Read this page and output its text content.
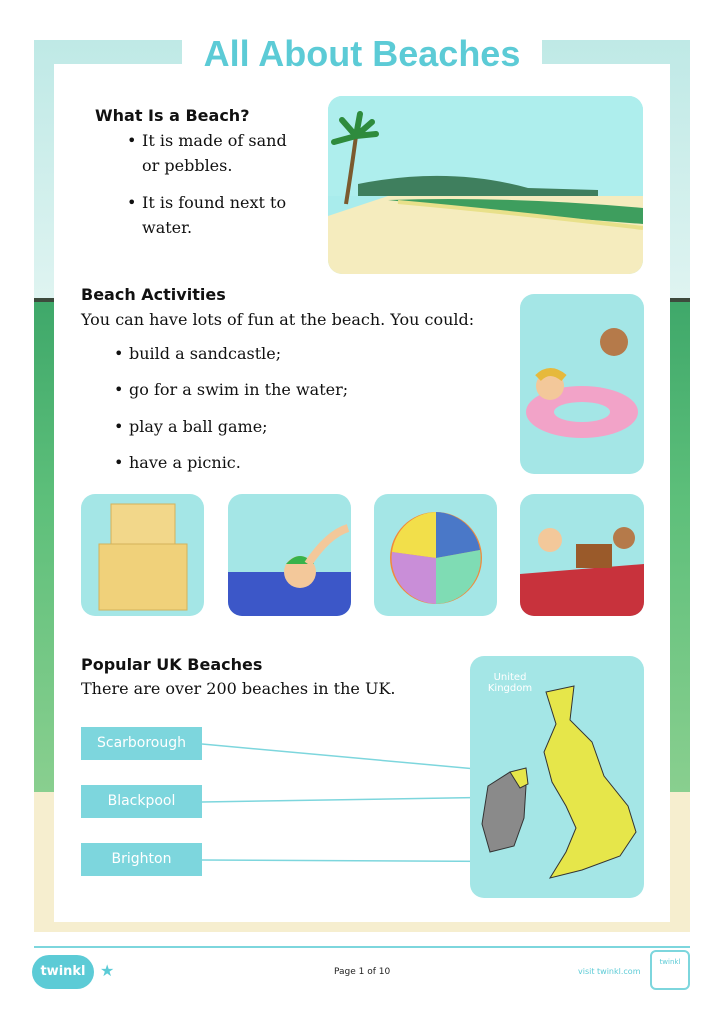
All About Beaches
What Is a Beach?
• It is made of sand
or pebbles.
• It is found next to
water.
Beach Activities
You can have lots of fun at the beach. You could:
• build a sandcastle;
• go for a swim in the water;
• play a ball game;
• have a picnic.
Popular UK Beaches
There are over 200 beaches in the UK.
Scarborough
Blackpool
Brighton
United Kingdom
twinkl ★	Page 1 of 10	visit twinkl.com
twinkl
